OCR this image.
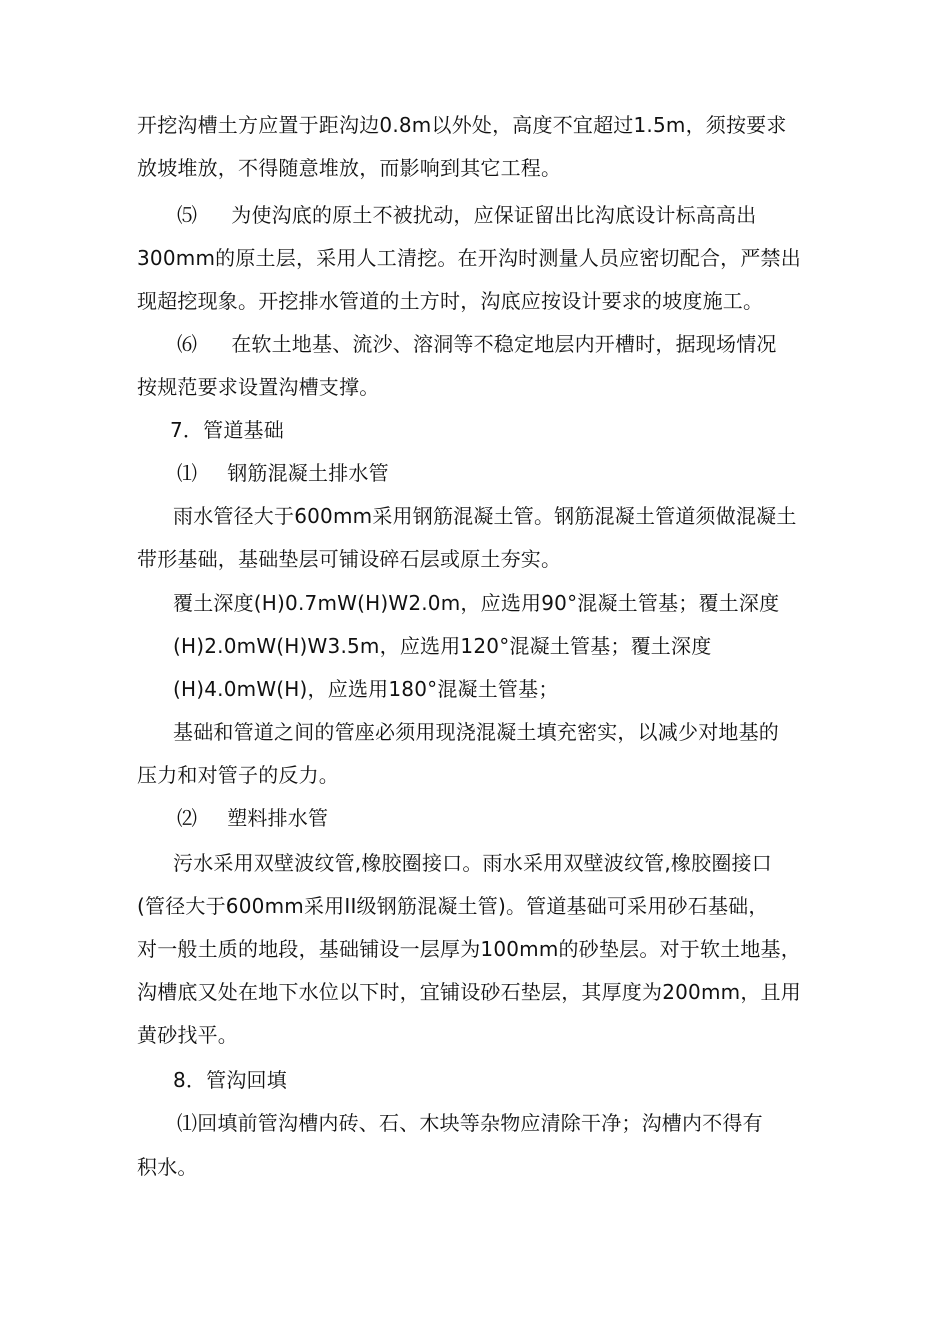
开挖沟槽土方应置于距沟边0.8m以外处，高度不宜超过1.5m，须按要求
放坡堆放，不得随意堆放，而影响到其它工程。
⑸ 为使沟底的原土不被扰动，应保证留出比沟底设计标高高出
300mm的原土层，采用人工清挖。在开沟时测量人员应密切配合，严禁出
现超挖现象。开挖排水管道的土方时，沟底应按设计要求的坡度施工。
⑹ 在软土地基、流沙、溶洞等不稳定地层内开槽时，据现场情况
按规范要求设置沟槽支撑。
7．管道基础
⑴ 钢筋混凝土排水管
雨水管径大于600mm采用钢筋混凝土管。钢筋混凝土管道须做混凝土
带形基础，基础垫层可铺设碎石层或原土夯实。
覆土深度(H)0.7mW(H)W2.0m，应选用90°混凝土管基；覆土深度
(H)2.0mW(H)W3.5m，应选用120°混凝土管基；覆土深度
(H)4.0mW(H)，应选用180°混凝土管基；
基础和管道之间的管座必须用现浇混凝土填充密实，以减少对地基的
压力和对管子的反力。
⑵ 塑料排水管
污水采用双壁波纹管,橡胶圈接口。雨水采用双壁波纹管,橡胶圈接口
(管径大于600mm采用II级钢筋混凝土管)。管道基础可采用砂石基础，
对一般土质的地段，基础铺设一层厚为100mm的砂垫层。对于软土地基，
沟槽底又处在地下水位以下时，宜铺设砂石垫层，其厚度为200mm，且用
黄砂找平。
8．管沟回填
⑴回填前管沟槽内砖、石、木块等杂物应清除干净；沟槽内不得有
积水。
